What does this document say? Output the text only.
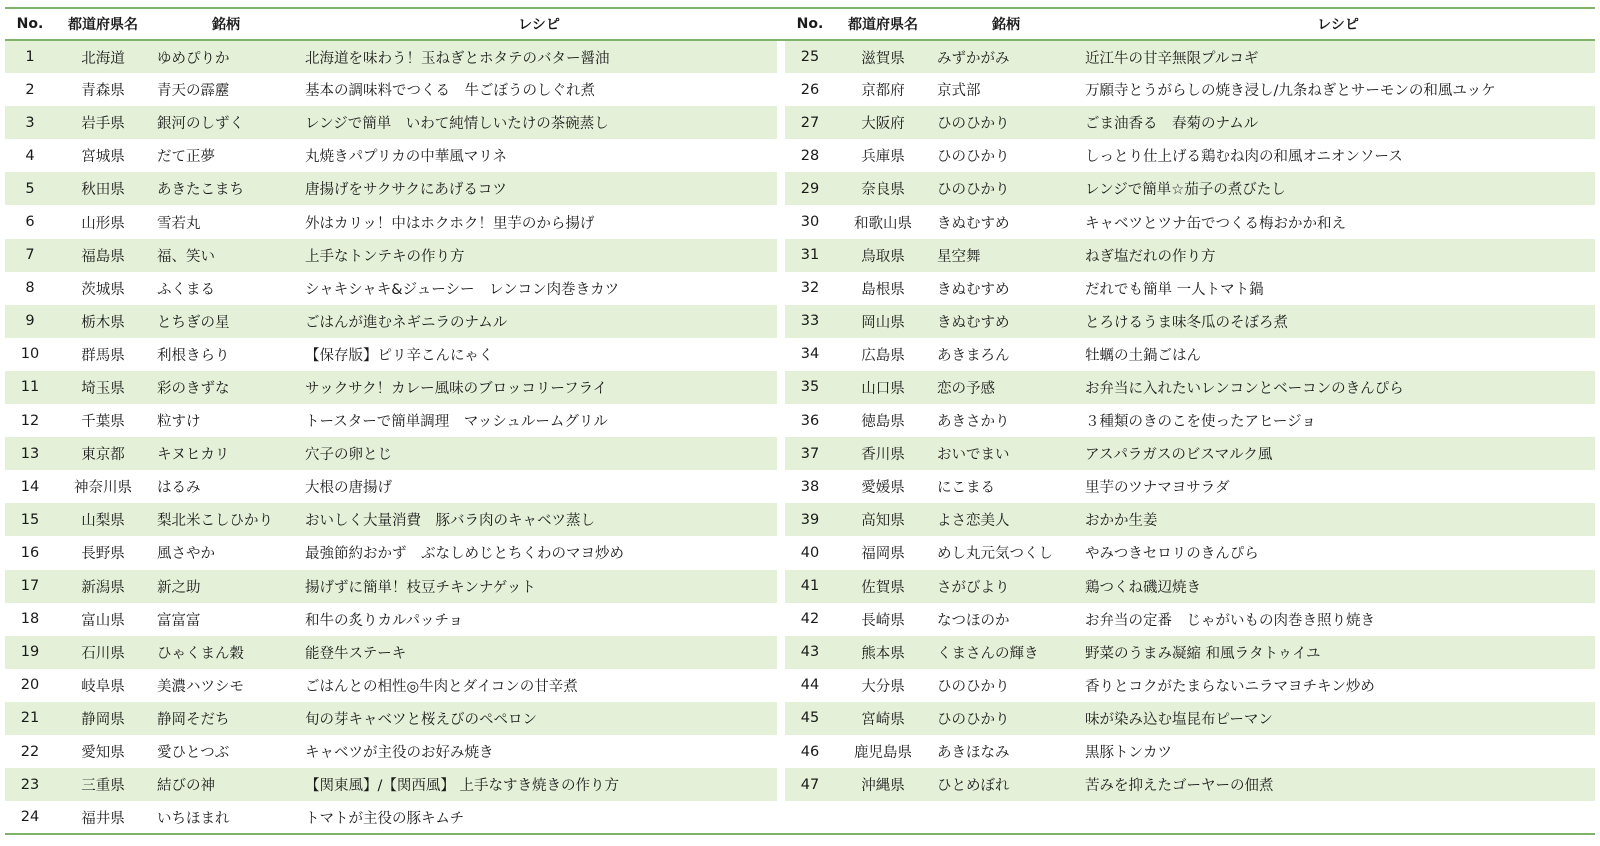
No.	都道府県名	銘柄	レシピ		No.	都道府県名	銘柄	レシピ
1	北海道	ゆめぴりか	北海道を味わう！玉ねぎとホタテのバター醤油		25	滋賀県	みずかがみ	近江牛の甘辛無限プルコギ
2	青森県	青天の霹靂	基本の調味料でつくる　牛ごぼうのしぐれ煮		26	京都府	京式部	万願寺とうがらしの焼き浸し/九条ねぎとサーモンの和風ユッケ
3	岩手県	銀河のしずく	レンジで簡単　いわて純情しいたけの茶碗蒸し		27	大阪府	ひのひかり	ごま油香る　春菊のナムル
4	宮城県	だて正夢	丸焼きパプリカの中華風マリネ		28	兵庫県	ひのひかり	しっとり仕上げる鶏むね肉の和風オニオンソース
5	秋田県	あきたこまち	唐揚げをサクサクにあげるコツ		29	奈良県	ひのひかり	レンジで簡単☆茄子の煮びたし
6	山形県	雪若丸	外はカリッ！中はホクホク！里芋のから揚げ		30	和歌山県	きぬむすめ	キャベツとツナ缶でつくる梅おかか和え
7	福島県	福、笑い	上手なトンテキの作り方		31	鳥取県	星空舞	ねぎ塩だれの作り方
8	茨城県	ふくまる	シャキシャキ&ジューシー　レンコン肉巻きカツ		32	島根県	きぬむすめ	だれでも簡単 一人トマト鍋
9	栃木県	とちぎの星	ごはんが進むネギニラのナムル		33	岡山県	きぬむすめ	とろけるうま味冬瓜のそぼろ煮
10	群馬県	利根きらり	【保存版】ピリ辛こんにゃく		34	広島県	あきまろん	牡蠣の土鍋ごはん
11	埼玉県	彩のきずな	サックサク！カレー風味のブロッコリーフライ		35	山口県	恋の予感	お弁当に入れたいレンコンとベーコンのきんぴら
12	千葉県	粒すけ	トースターで簡単調理　マッシュルームグリル		36	徳島県	あきさかり	３種類のきのこを使ったアヒージョ
13	東京都	キヌヒカリ	穴子の卵とじ		37	香川県	おいでまい	アスパラガスのビスマルク風
14	神奈川県	はるみ	大根の唐揚げ		38	愛媛県	にこまる	里芋のツナマヨサラダ
15	山梨県	梨北米こしひかり	おいしく大量消費　豚バラ肉のキャベツ蒸し		39	高知県	よさ恋美人	おかか生姜
16	長野県	風さやか	最強節約おかず　ぶなしめじとちくわのマヨ炒め		40	福岡県	めし丸元気つくし	やみつきセロリのきんぴら
17	新潟県	新之助	揚げずに簡単！枝豆チキンナゲット		41	佐賀県	さがびより	鶏つくね磯辺焼き
18	富山県	富富富	和牛の炙りカルパッチョ		42	長崎県	なつほのか	お弁当の定番　じゃがいもの肉巻き照り焼き
19	石川県	ひゃくまん穀	能登牛ステーキ		43	熊本県	くまさんの輝き	野菜のうまみ凝縮 和風ラタトゥイユ
20	岐阜県	美濃ハツシモ	ごはんとの相性◎牛肉とダイコンの甘辛煮		44	大分県	ひのひかり	香りとコクがたまらないニラマヨチキン炒め
21	静岡県	静岡そだち	旬の芽キャベツと桜えびのペペロン		45	宮崎県	ひのひかり	味が染み込む塩昆布ピーマン
22	愛知県	愛ひとつぶ	キャベツが主役のお好み焼き		46	鹿児島県	あきほなみ	黒豚トンカツ
23	三重県	結びの神	【関東風】/【関西風】 上手なすき焼きの作り方		47	沖縄県	ひとめぼれ	苦みを抑えたゴーヤーの佃煮
24	福井県	いちほまれ	トマトが主役の豚キムチ					
